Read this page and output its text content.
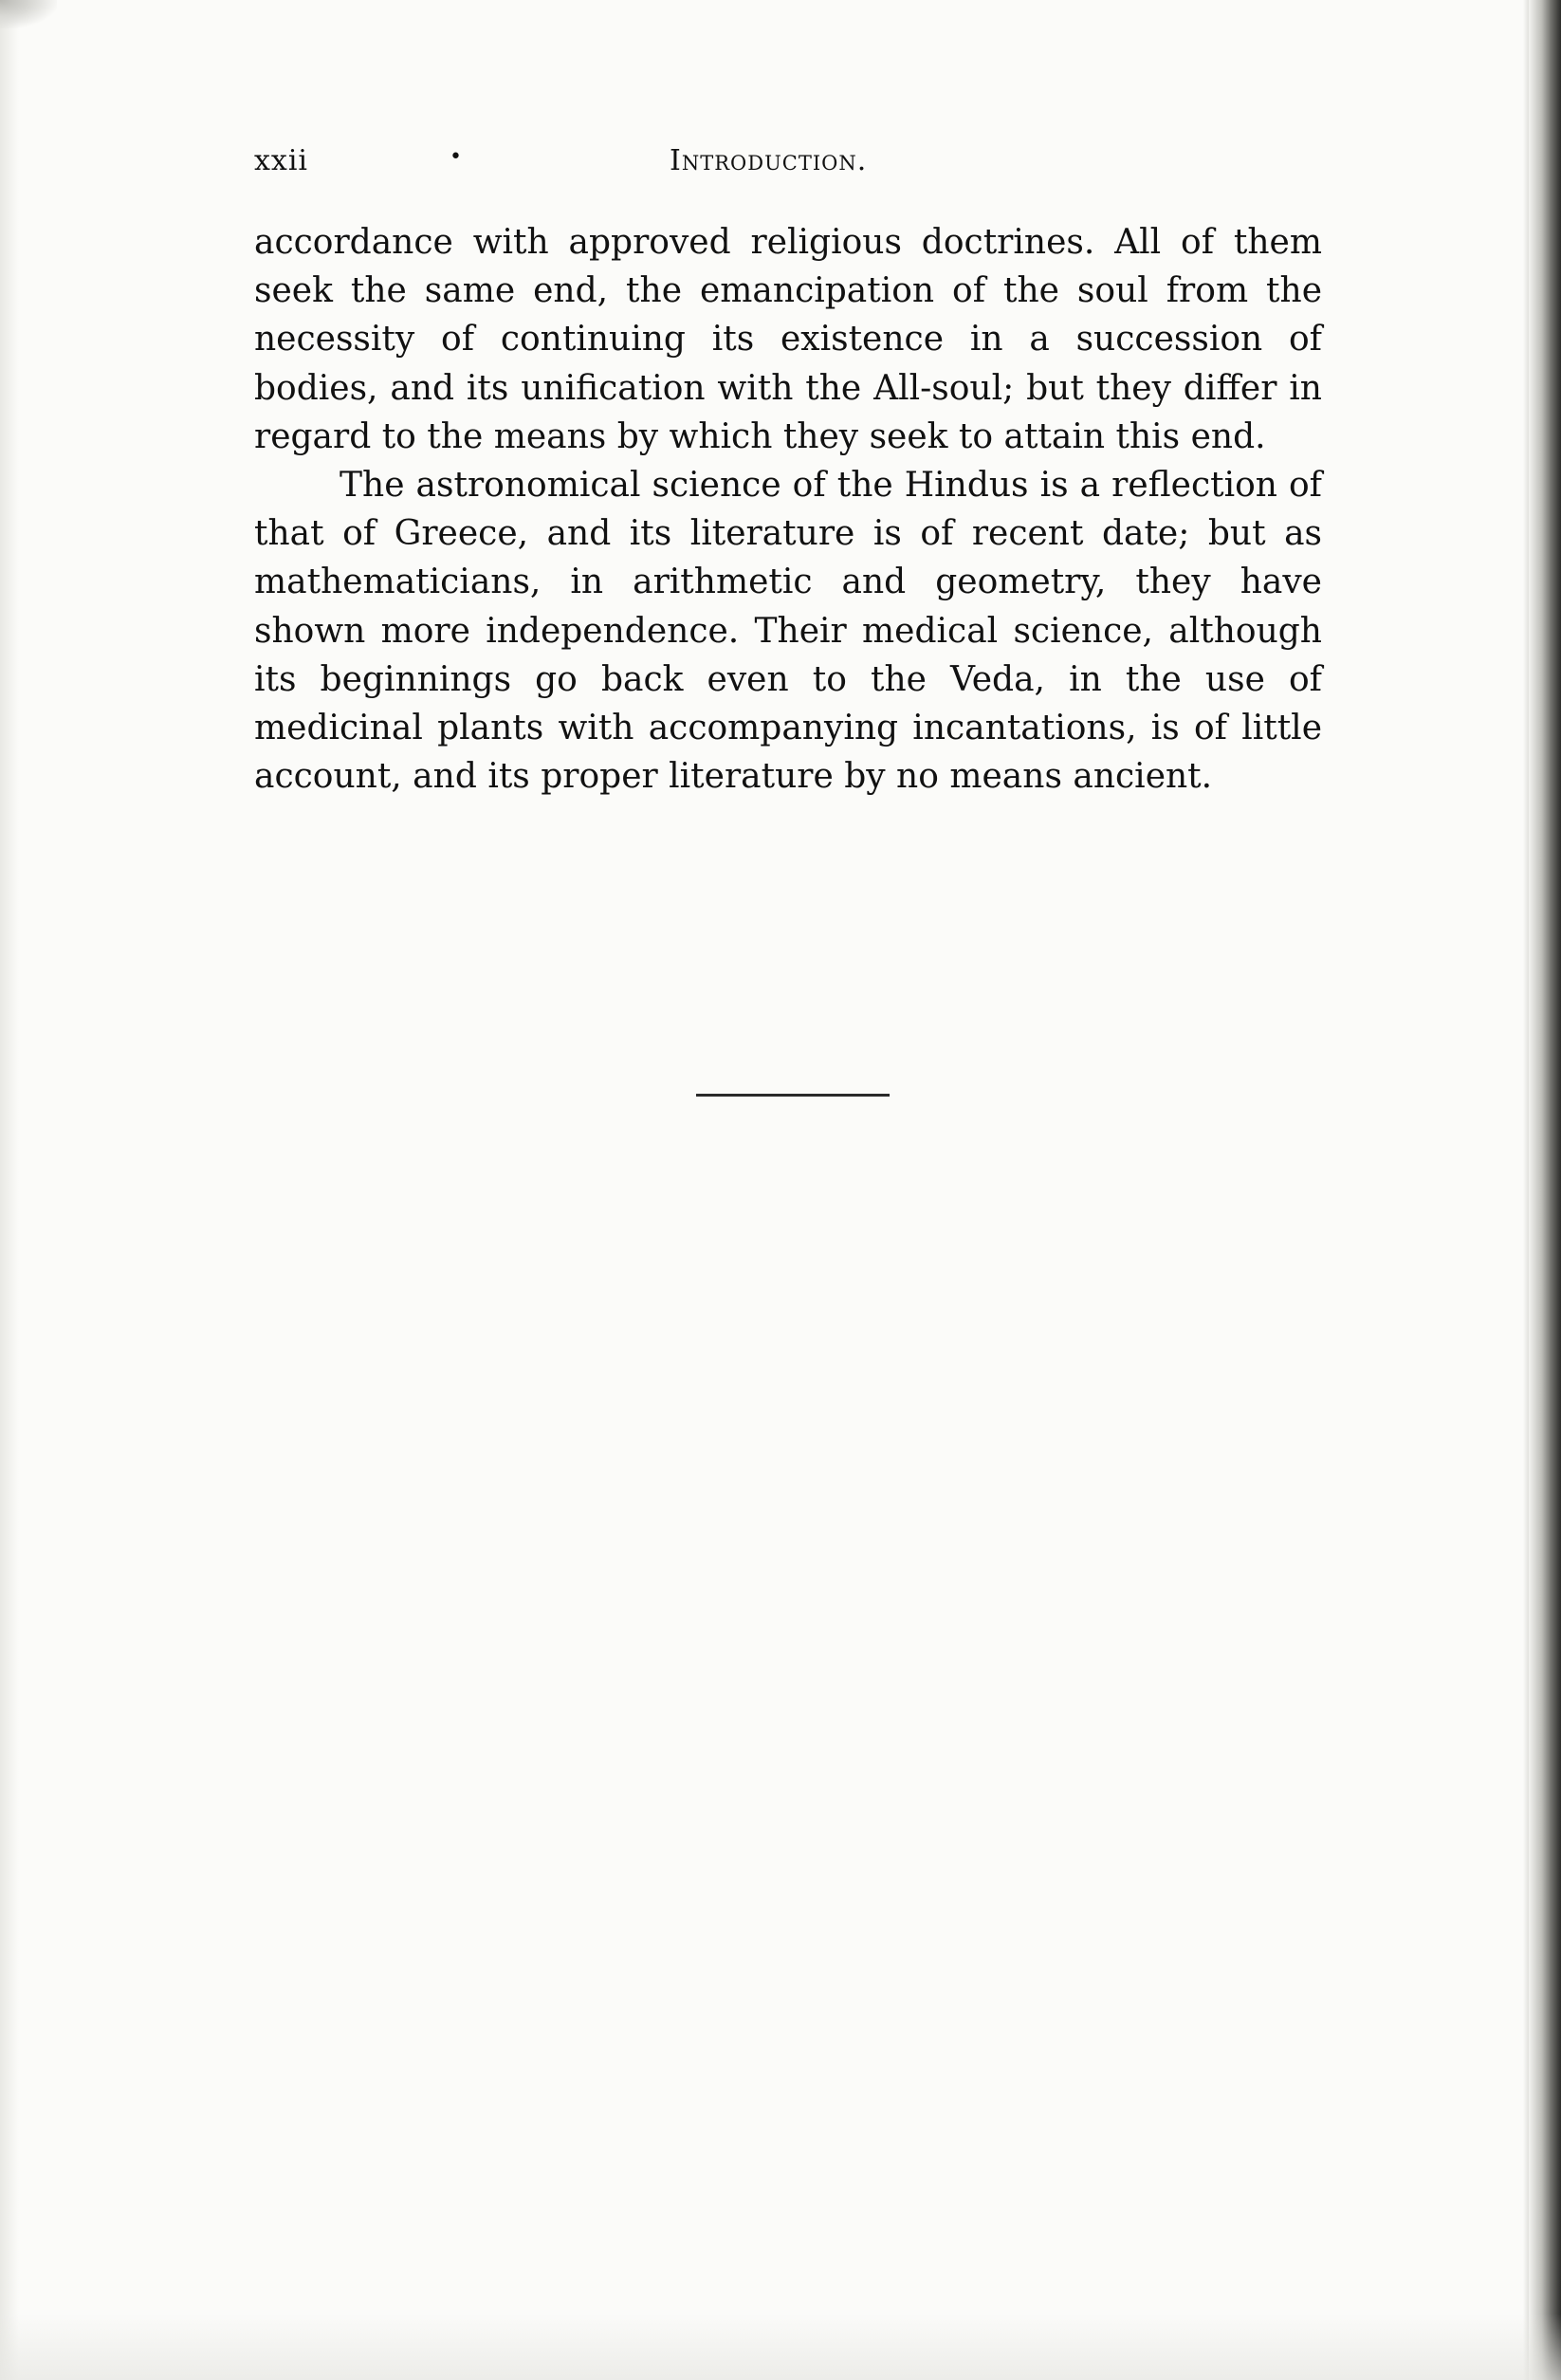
xxii	•	Introduction.

accordance with approved religious doctrines. All of them seek the same end, the emancipation of the soul from the necessity of continuing its existence in a succession of bodies, and its unification with the All-soul; but they differ in regard to the means by which they seek to attain this end.

The astronomical science of the Hindus is a reflection of that of Greece, and its literature is of recent date; but as mathematicians, in arithmetic and geometry, they have shown more independence. Their medical science, although its beginnings go back even to the Veda, in the use of medicinal plants with accompanying incantations, is of little account, and its proper literature by no means ancient.
